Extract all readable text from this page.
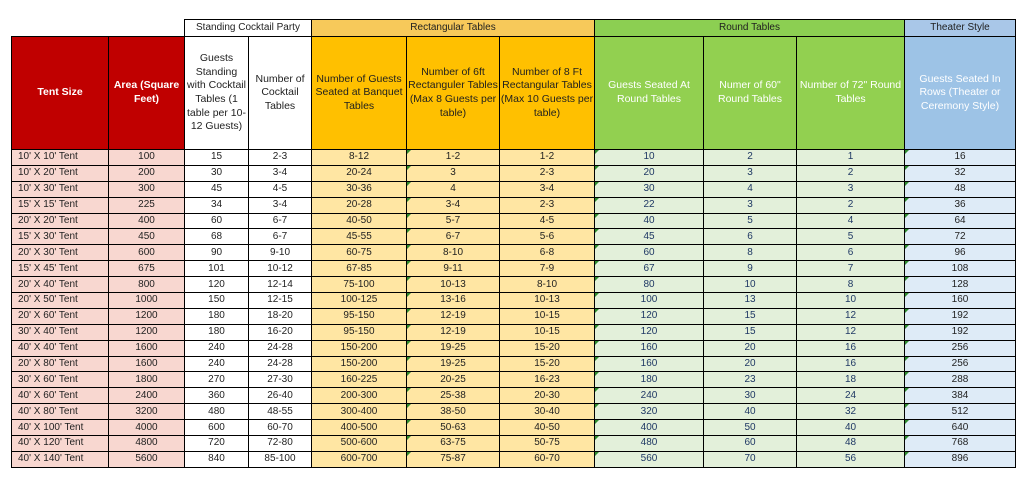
		Standing Cocktail Party		Rectangular Tables			Round Tables			Theater Style
Tent Size	Area (Square Feet)	Guests Standing with Cocktail Tables (1 table per 10-12 Guests)	Number of Cocktail Tables	Number of Guests Seated at Banquet Tables	Number of 6ft Rectanguler Tables (Max 8 Guests per table)	Number of 8 Ft Rectangular Tables (Max 10 Guests per table)	Guests Seated At Round Tables	Numer of 60" Round Tables	Number of 72" Round Tables	Guests Seated In Rows (Theater or Ceremony Style)
10' X 10' Tent	100	15	2-3	8-12	1-2	1-2	10	2	1	16
10' X 20' Tent	200	30	3-4	20-24	3	2-3	20	3	2	32
10' X 30' Tent	300	45	4-5	30-36	4	3-4	30	4	3	48
15' X 15' Tent	225	34	3-4	20-28	3-4	2-3	22	3	2	36
20' X 20' Tent	400	60	6-7	40-50	5-7	4-5	40	5	4	64
15' X 30' Tent	450	68	6-7	45-55	6-7	5-6	45	6	5	72
20' X 30' Tent	600	90	9-10	60-75	8-10	6-8	60	8	6	96
15' X 45' Tent	675	101	10-12	67-85	9-11	7-9	67	9	7	108
20' X 40' Tent	800	120	12-14	75-100	10-13	8-10	80	10	8	128
20' X 50' Tent	1000	150	12-15	100-125	13-16	10-13	100	13	10	160
20' X 60' Tent	1200	180	18-20	95-150	12-19	10-15	120	15	12	192
30' X 40' Tent	1200	180	16-20	95-150	12-19	10-15	120	15	12	192
40' X 40' Tent	1600	240	24-28	150-200	19-25	15-20	160	20	16	256
20' X 80' Tent	1600	240	24-28	150-200	19-25	15-20	160	20	16	256
30' X 60' Tent	1800	270	27-30	160-225	20-25	16-23	180	23	18	288
40' X 60' Tent	2400	360	26-40	200-300	25-38	20-30	240	30	24	384
40' X 80' Tent	3200	480	48-55	300-400	38-50	30-40	320	40	32	512
40' X 100' Tent	4000	600	60-70	400-500	50-63	40-50	400	50	40	640
40' X 120' Tent	4800	720	72-80	500-600	63-75	50-75	480	60	48	768
40' X 140' Tent	5600	840	85-100	600-700	75-87	60-70	560	70	56	896
